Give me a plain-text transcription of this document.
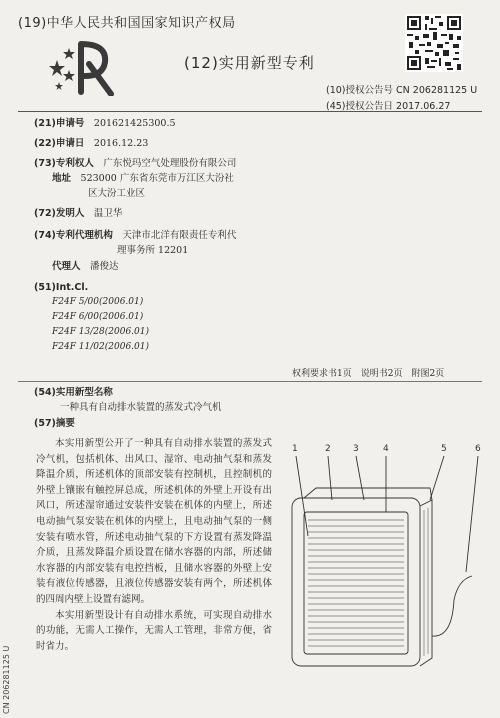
(19)中华人民共和国国家知识产权局
(12)实用新型专利
(10)授权公告号 CN 206281125 U
(45)授权公告日 2017.06.27
(21)申请号　 201621425300.5
(22)申请日　 2016.12.23
(73)专利权人　 广东悦玛空气处理股份有限公司
地址　 523000 广东省东莞市万江区大汾社
区大汾工业区
(72)发明人　 温卫华
(74)专利代理机构　 天津市北洋有限责任专利代
理事务所 12201
代理人　 潘俊达
(51)Int.Cl.
F24F 5/00(2006.01)
F24F 6/00(2006.01)
F24F 13/28(2006.01)
F24F 11/02(2006.01)
权利要求书1页　说明书2页　附图2页
(54)实用新型名称
一种具有自动排水装置的蒸发式冷气机
(57)摘要

本实用新型公开了一种具有自动排水装置的蒸发式冷气机，包括机体、出风口、湿帘、电动抽气泵和蒸发降温介质，所述机体的顶部安装有控制机，且控制机的外壁上镶嵌有触控屏总成，所述机体的外壁上开设有出风口，所述湿帘通过安装件安装在机体的内壁上，所述电动抽气泵安装在机体的内壁上，且电动抽气泵的一侧安装有喷水管，所述电动抽气泵的下方设置有蒸发降温介质，且蒸发降温介质设置在储水容器的内部，所述储水容器的内部安装有电控挡板，且储水容器的外壁上安装有液位传感器，且液位传感器安装有两个，所述机体的四周内壁上设置有滤网。

本实用新型设计有自动排水系统，可实现自动排水的功能，无需人工操作，无需人工管理，非常方便，省时省力。

CN 206281125 U
1	2 3	4	5	6
